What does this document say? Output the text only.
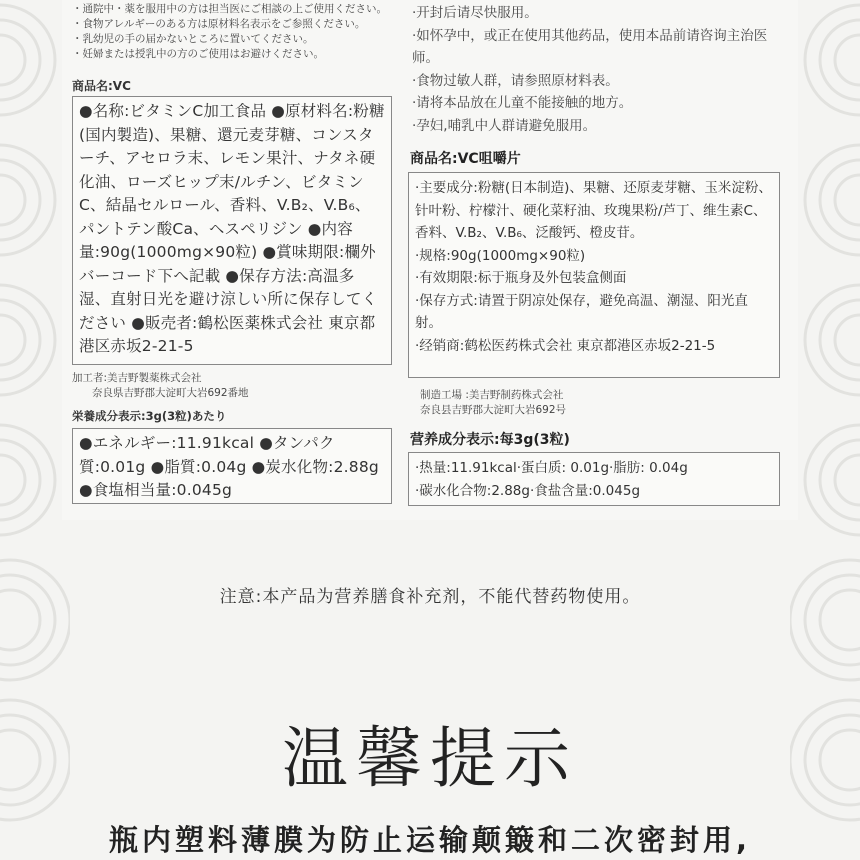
・通院中・薬を服用中の方は担当医にご相談の上ご使用ください。
・食物アレルギーのある方は原材料名表示をご参照ください。
・乳幼児の手の届かないところに置いてください。
・妊婦または授乳中の方のご使用はお避けください。
商品名:VC
●名称:ビタミンC加工食品 ●原材料名:粉糖(国内製造)、果糖、還元麦芽糖、コンスターチ、アセロラ末、レモン果汁、ナタネ硬化油、ローズヒップ末/ルチン、ビタミンC、結晶セルロール、香料、V.B₂、V.B₆、パントテン酸Ca、ヘスペリジン ●内容量:90g(1000mg×90粒) ●賞味期限:欄外バーコード下へ記載 ●保存方法:高温多湿、直射日光を避け涼しい所に保存してください ●販売者:鶴松医薬株式会社 東京都港区赤坂2-21-5
加工者:美吉野製薬株式会社
奈良県吉野郡大淀町大岩692番地
栄養成分表示:3g(3粒)あたり
●エネルギー:11.91kcal ●タンパク質:0.01g ●脂質:0.04g ●炭水化物:2.88g ●食塩相当量:0.045g
·开封后请尽快服用。
·如怀孕中，或正在使用其他药品，使用本品前请咨询主治医师。
·食物过敏人群，请参照原材料表。
·请将本品放在儿童不能接触的地方。
·孕妇,哺乳中人群请避免服用。
商品名:VC咀嚼片
·主要成分:粉糖(日本制造)、果糖、还原麦芽糖、玉米淀粉、针叶粉、柠檬汁、硬化菜籽油、玫瑰果粉/芦丁、维生素C、香料、V.B₂、V.B₆、泛酸钙、橙皮苷。
·规格:90g(1000mg×90粒)
·有效期限:标于瓶身及外包装盒侧面
·保存方式:请置于阴凉处保存，避免高温、潮湿、阳光直射。
·经销商:鹤松医药株式会社 東京都港区赤坂2-21-5
制造工場 :美吉野制药株式会社
奈良县吉野郡大淀町大岩692号
营养成分表示:每3g(3粒)
·热量:11.91kcal·蛋白质: 0.01g·脂肪: 0.04g
·碳水化合物:2.88g·食盐含量:0.045g
注意:本产品为营养膳食补充剂，不能代替药物使用。
温馨提示
瓶内塑料薄膜为防止运输颠簸和二次密封用,
